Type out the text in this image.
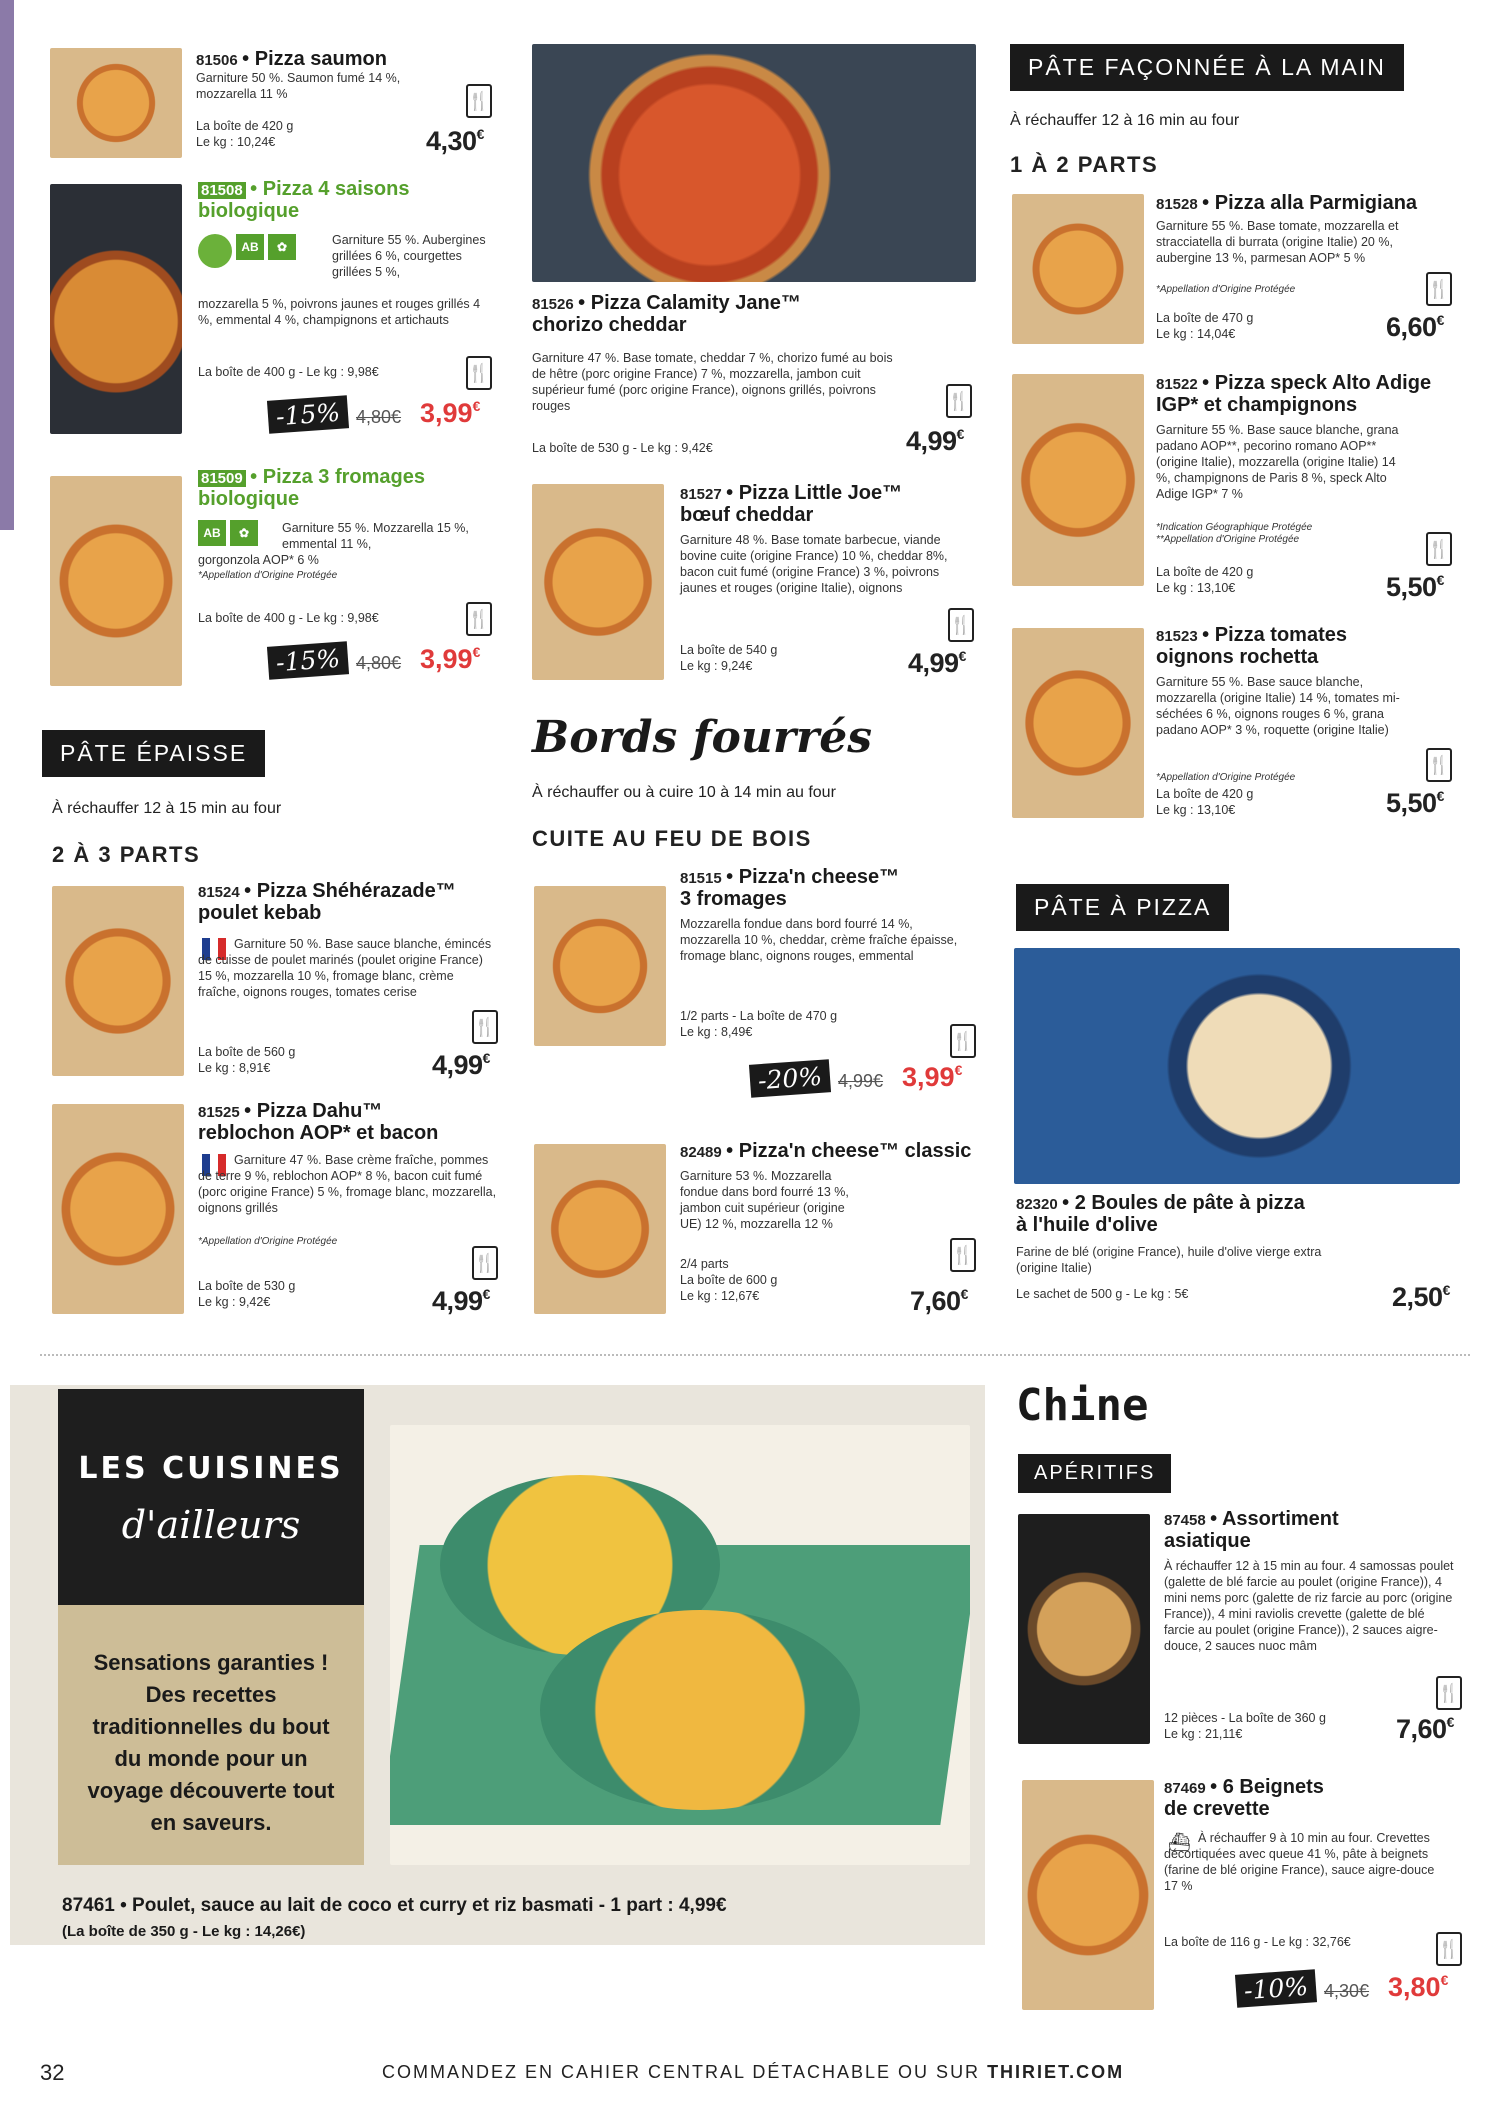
81506 • Pizza saumon
Garniture 50 %. Saumon fumé 14 %, mozzarella 11 %
La boîte de 420 g
Le kg : 10,24€
🍴
4,30€
81508 • Pizza 4 saisons
biologique
AB	✿	Garniture 55 %. Aubergines grillées 6 %, courgettes grillées 5 %,
mozzarella 5 %, poivrons jaunes et rouges grillés 4 %, emmental 4 %, champignons et artichauts
La boîte de 400 g - Le kg : 9,98€	🍴
-15% 4,80€ 3,99€
81509 • Pizza 3 fromages
biologique
AB	✿	Garniture 55 %. Mozzarella 15 %, emmental 11 %,
gorgonzola AOP* 6 %
*Appellation d'Origine Protégée
La boîte de 400 g - Le kg : 9,98€	🍴
-15% 4,80€ 3,99€
PÂTE ÉPAISSE
À réchauffer 12 à 15 min au four
2 À 3 PARTS
81524 • Pizza Shéhérazade™
poulet kebab
Garniture 50 %. Base sauce blanche, émincés de cuisse de poulet marinés (poulet origine France) 15 %, mozzarella 10 %, fromage blanc, crème fraîche, oignons rouges, tomates cerise
La boîte de 560 g
Le kg : 8,91€
🍴
4,99€
81525 • Pizza Dahu™
reblochon AOP* et bacon
Garniture 47 %. Base crème fraîche, pommes de terre 9 %, reblochon AOP* 8 %, bacon cuit fumé (porc origine France) 5 %, fromage blanc, mozzarella, oignons grillés
*Appellation d'Origine Protégée
La boîte de 530 g
Le kg : 9,42€
🍴
4,99€
81526 • Pizza Calamity Jane™
chorizo cheddar
Garniture 47 %. Base tomate, cheddar 7 %, chorizo fumé au bois de hêtre (porc origine France) 7 %, mozzarella, jambon cuit supérieur fumé (porc origine France), oignons grillés, poivrons rouges
La boîte de 530 g - Le kg : 9,42€
🍴
4,99€
81527 • Pizza Little Joe™
bœuf cheddar
Garniture 48 %. Base tomate barbecue, viande bovine cuite (origine France) 10 %, cheddar 8%, bacon cuit fumé (origine France) 3 %, poivrons jaunes et rouges (origine Italie), oignons
La boîte de 540 g
Le kg : 9,24€
🍴
4,99€
Bords fourrés
À réchauffer ou à cuire 10 à 14 min au four
CUITE AU FEU DE BOIS
81515 • Pizza'n cheese™
3 fromages
Mozzarella fondue dans bord fourré 14 %, mozzarella 10 %, cheddar, crème fraîche épaisse, fromage blanc, oignons rouges, emmental
1/2 parts - La boîte de 470 g
Le kg : 8,49€	🍴
-20% 4,99€ 3,99€
82489 • Pizza'n cheese™ classic
Garniture 53 %. Mozzarella fondue dans bord fourré 13 %, jambon cuit supérieur (origine UE) 12 %, mozzarella 12 %
2/4 parts
La boîte de 600 g
Le kg : 12,67€
🍴
7,60€
PÂTE FAÇONNÉE À LA MAIN
À réchauffer 12 à 16 min au four
1 À 2 PARTS
81528 • Pizza alla Parmigiana
Garniture 55 %. Base tomate, mozzarella et stracciatella di burrata (origine Italie) 20 %, aubergine 13 %, parmesan AOP* 5 %
*Appellation d'Origine Protégée
La boîte de 470 g
Le kg : 14,04€
🍴
6,60€
81522 • Pizza speck Alto Adige
IGP* et champignons
Garniture 55 %. Base sauce blanche, grana padano AOP**, pecorino romano AOP** (origine Italie), mozzarella (origine Italie) 14 %, champignons de Paris 8 %, speck Alto Adige IGP* 7 %
*Indication Géographique Protégée
**Appellation d'Origine Protégée
La boîte de 420 g
Le kg : 13,10€
🍴
5,50€
81523 • Pizza tomates
oignons rochetta
Garniture 55 %. Base sauce blanche, mozzarella (origine Italie) 14 %, tomates mi-séchées 6 %, oignons rouges 6 %, grana padano AOP* 3 %, roquette (origine Italie)
*Appellation d'Origine Protégée
La boîte de 420 g
Le kg : 13,10€
🍴
5,50€
PÂTE À PIZZA
82320 • 2 Boules de pâte à pizza
à l'huile d'olive
Farine de blé (origine France), huile d'olive vierge extra (origine Italie)
Le sachet de 500 g - Le kg : 5€	2,50€
LES CUISINES
d'ailleurs
Sensations garanties ! Des recettes traditionnelles du bout du monde pour un voyage découverte tout en saveurs.
87461 • Poulet, sauce au lait de coco et curry et riz basmati - 1 part : 4,99€
(La boîte de 350 g - Le kg : 14,26€)
Chine
APÉRITIFS
87458 • Assortiment
asiatique
À réchauffer 12 à 15 min au four. 4 samossas poulet (galette de blé farcie au poulet (origine France)), 4 mini nems porc (galette de riz farcie au porc (origine France)), 4 mini raviolis crevette (galette de blé farcie au poulet (origine France)), 2 sauces aigre-douce, 2 sauces nuoc mâm
12 pièces - La boîte de 360 g
Le kg : 21,11€
🍴
7,60€
87469 • 6 Beignets
de crevette
⛴ À réchauffer 9 à 10 min au four. Crevettes décortiquées avec queue 41 %, pâte à beignets (farine de blé origine France), sauce aigre-douce 17 %
La boîte de 116 g - Le kg : 32,76€	🍴
-10% 4,30€ 3,80€
32	COMMANDEZ EN CAHIER CENTRAL DÉTACHABLE OU SUR THIRIET.COM
